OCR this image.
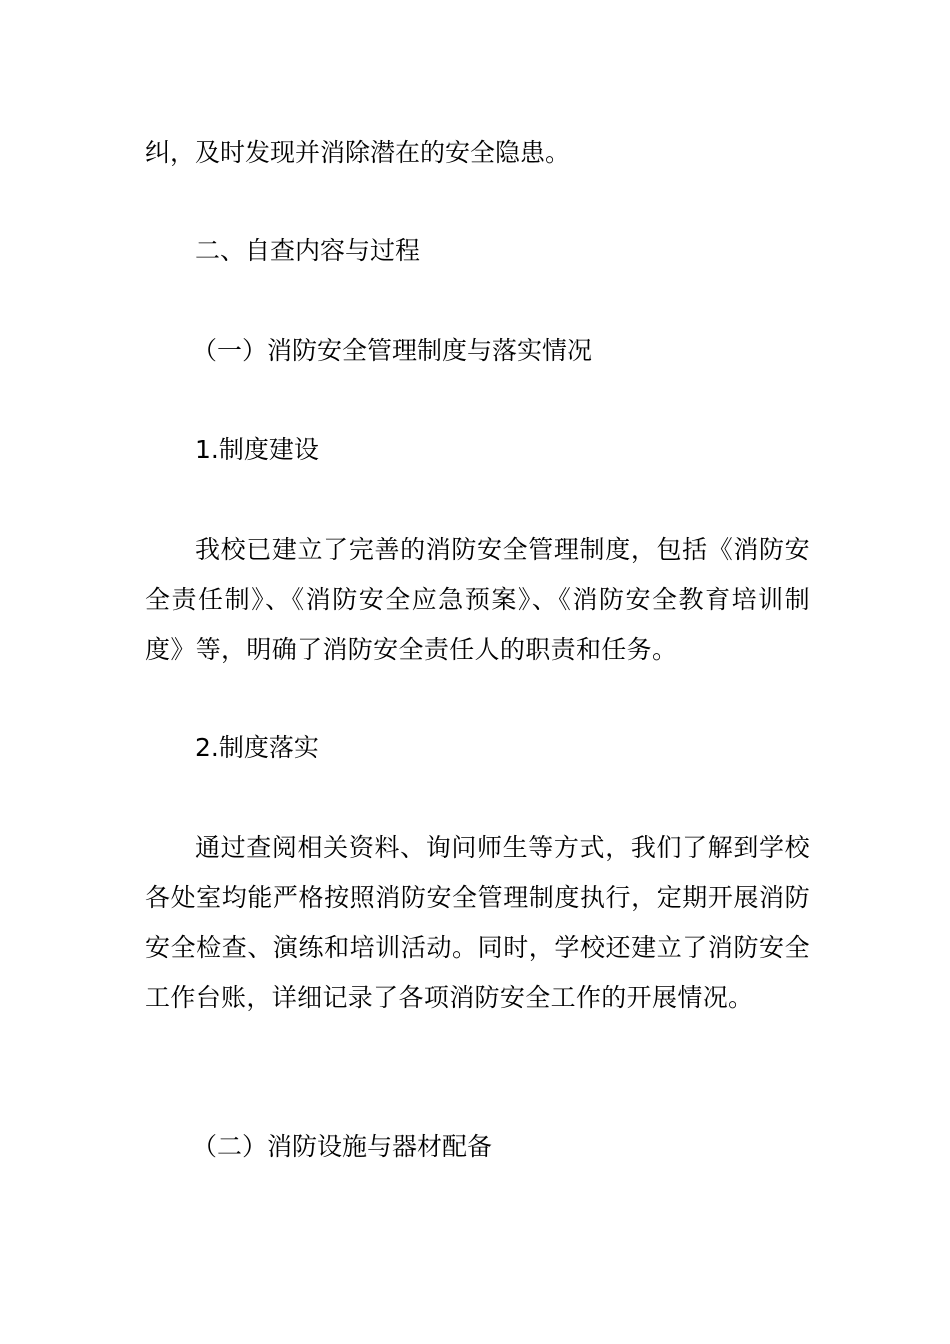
纠，及时发现并消除潜在的安全隐患。
二、自查内容与过程
（一）消防安全管理制度与落实情况
1.制度建设
我校已建立了完善的消防安全管理制度，包括《消防安全责任制》、《消防安全应急预案》、《消防安全教育培训制度》等，明确了消防安全责任人的职责和任务。
2.制度落实
通过查阅相关资料、询问师生等方式，我们了解到学校各处室均能严格按照消防安全管理制度执行，定期开展消防安全检查、演练和培训活动。同时，学校还建立了消防安全工作台账，详细记录了各项消防安全工作的开展情况。
（二）消防设施与器材配备
